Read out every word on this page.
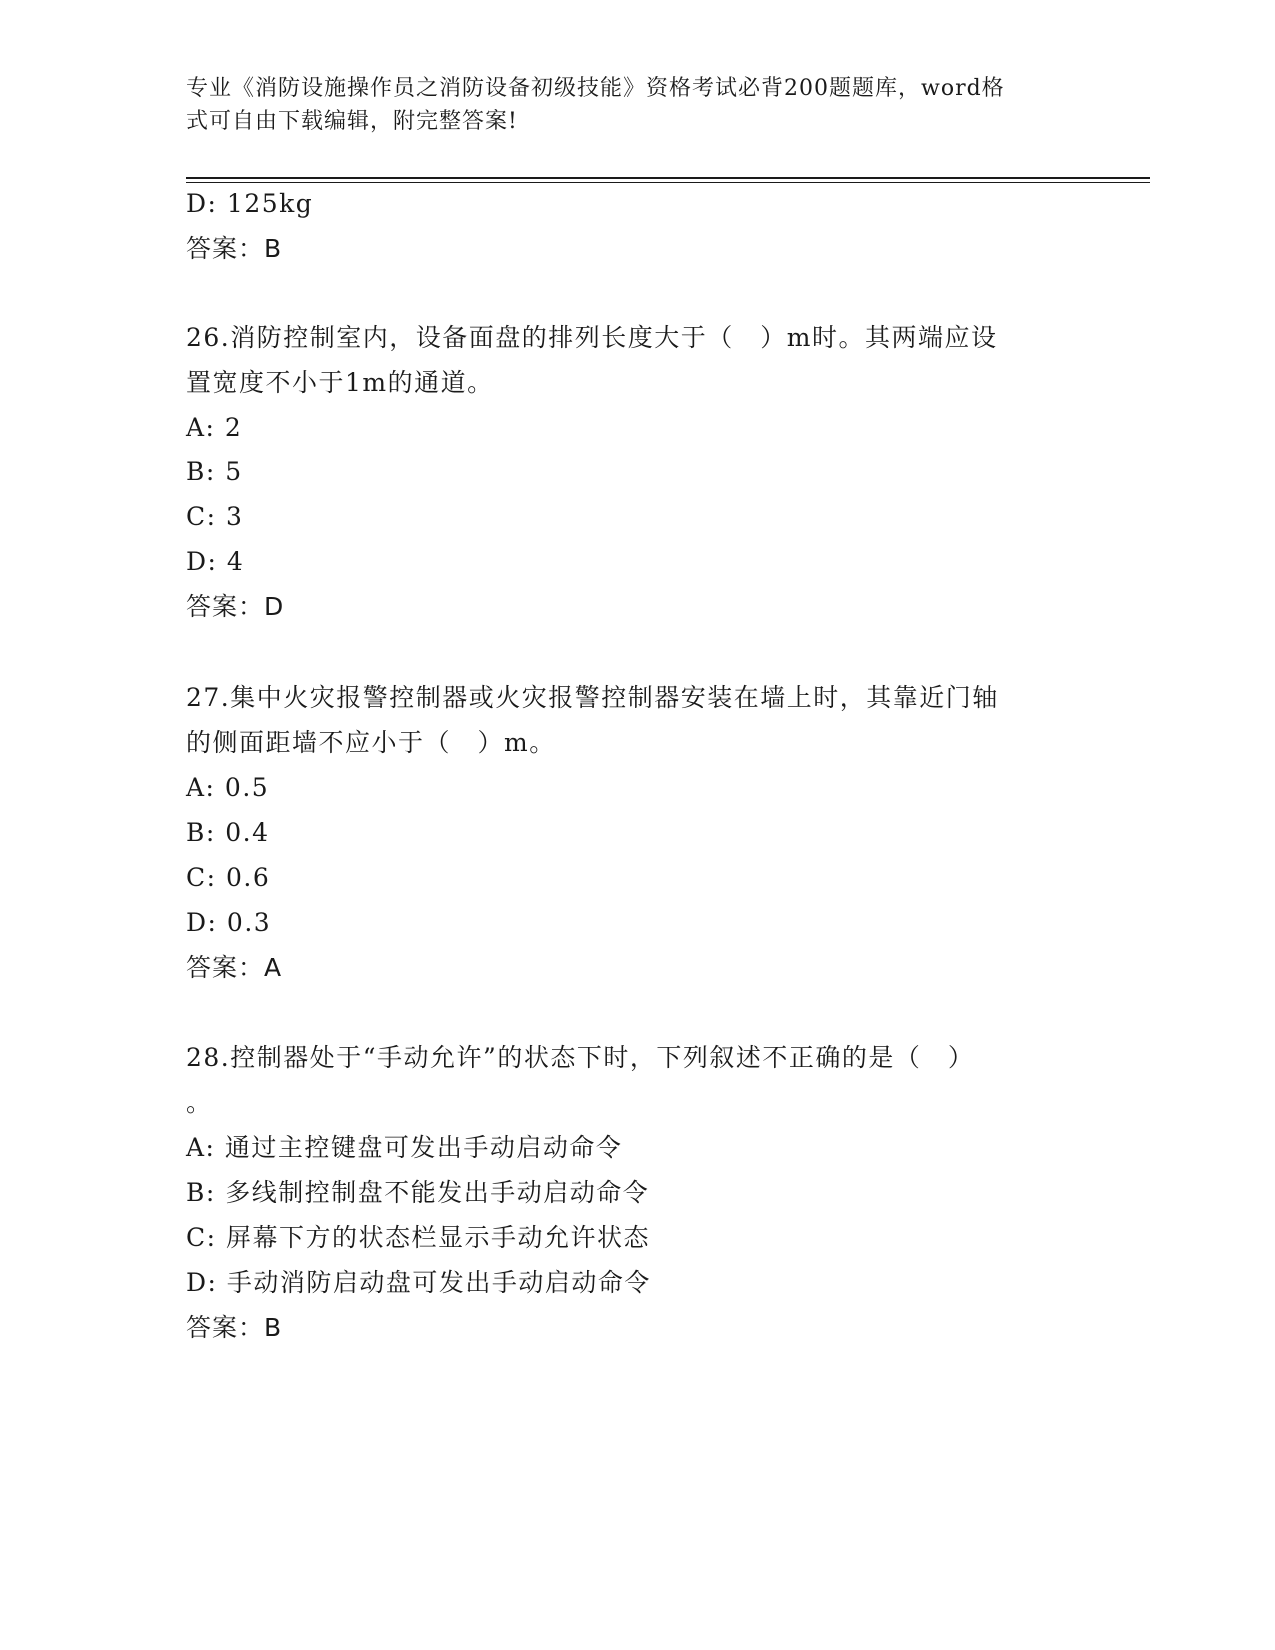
专业《消防设施操作员之消防设备初级技能》资格考试必背200题题库，word格
式可自由下载编辑，附完整答案!
D: 125kg
答案：B
26.消防控制室内，设备面盘的排列长度大于（　）m时。其两端应设
置宽度不小于1m的通道。
A: 2
B: 5
C: 3
D: 4
答案：D
27.集中火灾报警控制器或火灾报警控制器安装在墙上时，其靠近门轴
的侧面距墙不应小于（　）m。
A: 0.5
B: 0.4
C: 0.6
D: 0.3
答案：A
28.控制器处于“手动允许”的状态下时，下列叙述不正确的是（　）
。
A: 通过主控键盘可发出手动启动命令
B: 多线制控制盘不能发出手动启动命令
C: 屏幕下方的状态栏显示手动允许状态
D: 手动消防启动盘可发出手动启动命令
答案：B
